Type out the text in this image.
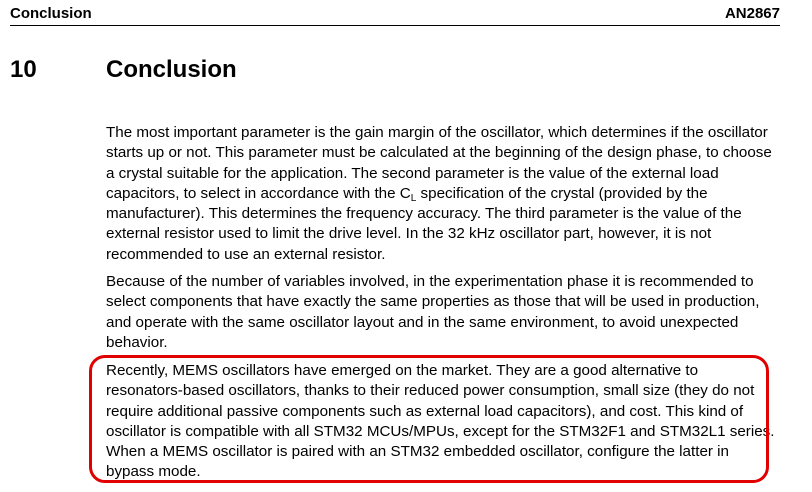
Conclusion	AN2867
10	Conclusion

The most important parameter is the gain margin of the oscillator, which determines if the oscillator starts up or not. This parameter must be calculated at the beginning of the design phase, to choose a crystal suitable for the application. The second parameter is the value of the external load capacitors, to select in accordance with the $C_L$ specification of the crystal (provided by the manufacturer). This determines the frequency accuracy. The third parameter is the value of the external resistor used to limit the drive level. In the 32 kHz oscillator part, however, it is not recommended to use an external resistor.

Because of the number of variables involved, in the experimentation phase it is recommended to select components that have exactly the same properties as those that will be used in production, and operate with the same oscillator layout and in the same environment, to avoid unexpected behavior.

Recently, MEMS oscillators have emerged on the market. They are a good alternative to resonators-based oscillators, thanks to their reduced power consumption, small size (they do not require additional passive components such as external load capacitors), and cost. This kind of oscillator is compatible with all STM32 MCUs/MPUs, except for the STM32F1 and STM32L1 series. When a MEMS oscillator is paired with an STM32 embedded oscillator, configure the latter in bypass mode.
